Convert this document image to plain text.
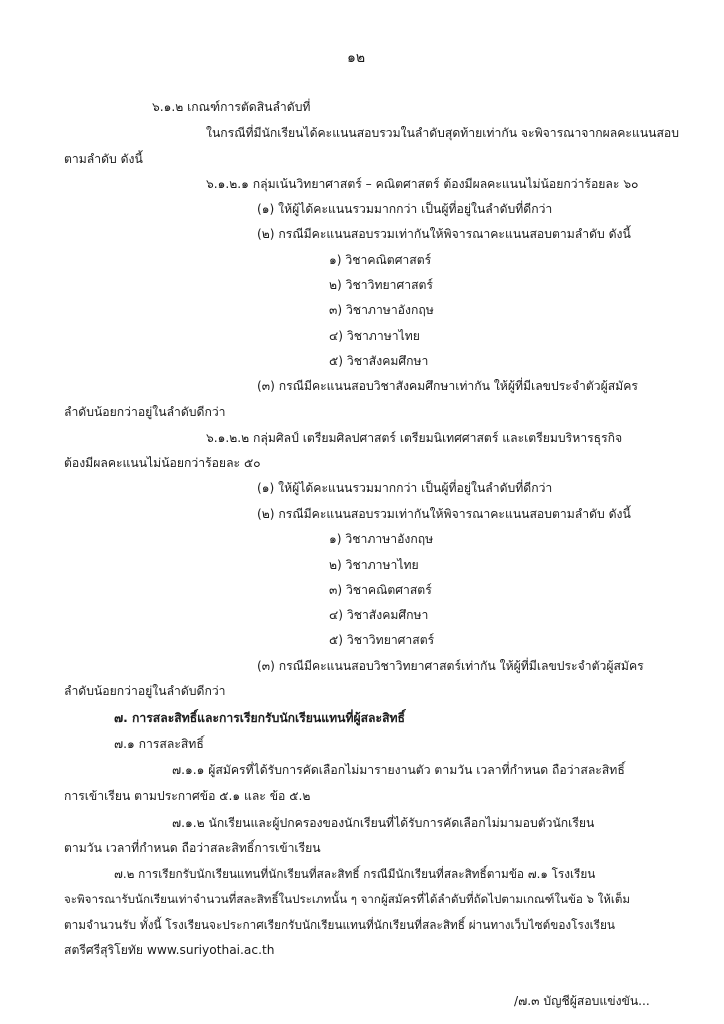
๑๒
๖.๑.๒ เกณฑ์การตัดสินลำดับที่
ในกรณีที่มีนักเรียนได้คะแนนสอบรวมในลำดับสุดท้ายเท่ากัน จะพิจารณาจากผลคะแนนสอบ
ตามลำดับ ดังนี้
๖.๑.๒.๑ กลุ่มเน้นวิทยาศาสตร์ – คณิตศาสตร์ ต้องมีผลคะแนนไม่น้อยกว่าร้อยละ ๖๐
(๑) ให้ผู้ได้คะแนนรวมมากกว่า เป็นผู้ที่อยู่ในลำดับที่ดีกว่า
(๒) กรณีมีคะแนนสอบรวมเท่ากันให้พิจารณาคะแนนสอบตามลำดับ ดังนี้
๑) วิชาคณิตศาสตร์
๒) วิชาวิทยาศาสตร์
๓) วิชาภาษาอังกฤษ
๔) วิชาภาษาไทย
๕) วิชาสังคมศึกษา
(๓) กรณีมีคะแนนสอบวิชาสังคมศึกษาเท่ากัน ให้ผู้ที่มีเลขประจำตัวผู้สมัคร
ลำดับน้อยกว่าอยู่ในลำดับดีกว่า
๖.๑.๒.๒ กลุ่มศิลป์ เตรียมศิลปศาสตร์ เตรียมนิเทศศาสตร์ และเตรียมบริหารธุรกิจ
ต้องมีผลคะแนนไม่น้อยกว่าร้อยละ ๕๐
(๑) ให้ผู้ได้คะแนนรวมมากกว่า เป็นผู้ที่อยู่ในลำดับที่ดีกว่า
(๒) กรณีมีคะแนนสอบรวมเท่ากันให้พิจารณาคะแนนสอบตามลำดับ ดังนี้
๑) วิชาภาษาอังกฤษ
๒) วิชาภาษาไทย
๓) วิชาคณิตศาสตร์
๔) วิชาสังคมศึกษา
๕) วิชาวิทยาศาสตร์
(๓) กรณีมีคะแนนสอบวิชาวิทยาศาสตร์เท่ากัน ให้ผู้ที่มีเลขประจำตัวผู้สมัคร
ลำดับน้อยกว่าอยู่ในลำดับดีกว่า
๗. การสละสิทธิ์และการเรียกรับนักเรียนแทนที่ผู้สละสิทธิ์
๗.๑ การสละสิทธิ์
๗.๑.๑ ผู้สมัครที่ได้รับการคัดเลือกไม่มารายงานตัว ตามวัน เวลาที่กำหนด ถือว่าสละสิทธิ์
การเข้าเรียน ตามประกาศข้อ ๕.๑ และ ข้อ ๕.๒
๗.๑.๒ นักเรียนและผู้ปกครองของนักเรียนที่ได้รับการคัดเลือกไม่มามอบตัวนักเรียน
ตามวัน เวลาที่กำหนด ถือว่าสละสิทธิ์การเข้าเรียน
๗.๒ การเรียกรับนักเรียนแทนที่นักเรียนที่สละสิทธิ์ กรณีมีนักเรียนที่สละสิทธิ์ตามข้อ ๗.๑ โรงเรียน
จะพิจารณารับนักเรียนเท่าจำนวนที่สละสิทธิ์ในประเภทนั้น ๆ จากผู้สมัครที่ได้ลำดับที่ถัดไปตามเกณฑ์ในข้อ ๖ ให้เต็ม
ตามจำนวนรับ ทั้งนี้ โรงเรียนจะประกาศเรียกรับนักเรียนแทนที่นักเรียนที่สละสิทธิ์ ผ่านทางเว็บไซต์ของโรงเรียน
สตรีศรีสุริโยทัย www.suriyothai.ac.th
/๗.๓ บัญชีผู้สอบแข่งขัน...
